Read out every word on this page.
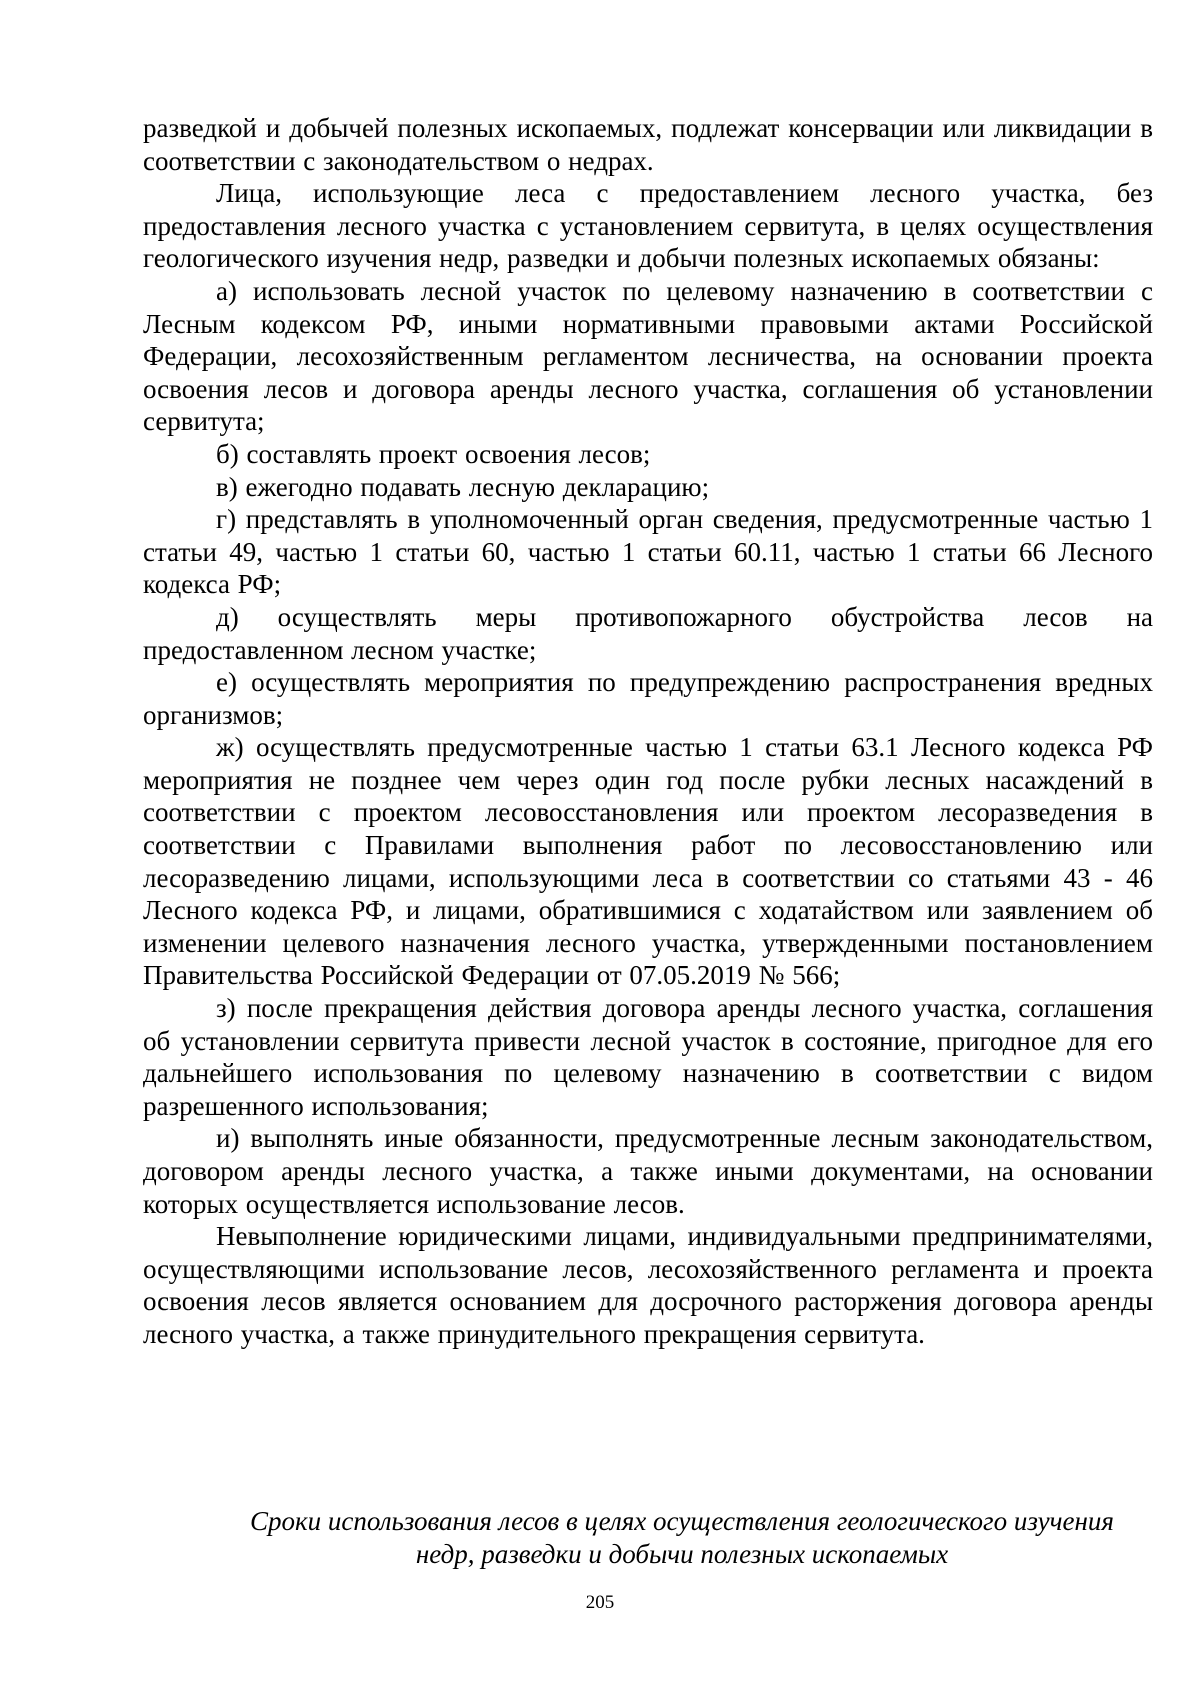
разведкой и добычей полезных ископаемых, подлежат консервации или ликвидации в соответствии с законодательством о недрах.

Лица, использующие леса с предоставлением лесного участка, без предоставления лесного участка с установлением сервитута, в целях осуществления геологического изучения недр, разведки и добычи полезных ископаемых обязаны:

а) использовать лесной участок по целевому назначению в соответствии с Лесным кодексом РФ, иными нормативными правовыми актами Российской Федерации, лесохозяйственным регламентом лесничества, на основании проекта освоения лесов и договора аренды лесного участка, соглашения об установлении сервитута;

б) составлять проект освоения лесов;

в) ежегодно подавать лесную декларацию;

г) представлять в уполномоченный орган сведения, предусмотренные частью 1 статьи 49, частью 1 статьи 60, частью 1 статьи 60.11, частью 1 статьи 66 Лесного кодекса РФ;

д) осуществлять меры противопожарного обустройства лесов на предоставленном лесном участке;

е) осуществлять мероприятия по предупреждению распространения вредных организмов;

ж) осуществлять предусмотренные частью 1 статьи 63.1 Лесного кодекса РФ мероприятия не позднее чем через один год после рубки лесных насаждений в соответствии с проектом лесовосстановления или проектом лесоразведения в соответствии с Правилами выполнения работ по лесовосстановлению или лесоразведению лицами, использующими леса в соответствии со статьями 43 - 46 Лесного кодекса РФ, и лицами, обратившимися с ходатайством или заявлением об изменении целевого назначения лесного участка, утвержденными постановлением Правительства Российской Федерации от 07.05.2019 № 566;

з) после прекращения действия договора аренды лесного участка, соглашения об установлении сервитута привести лесной участок в состояние, пригодное для его дальнейшего использования по целевому назначению в соответствии с видом разрешенного использования;

и) выполнять иные обязанности, предусмотренные лесным законодательством, договором аренды лесного участка, а также иными документами, на основании которых осуществляется использование лесов.

Невыполнение юридическими лицами, индивидуальными предпринимателями, осуществляющими использование лесов, лесохозяйственного регламента и проекта освоения лесов является основанием для досрочного расторжения договора аренды лесного участка, а также принудительного прекращения сервитута.

Сроки использования лесов в целях осуществления геологического изучения
недр, разведки и добычи полезных ископаемых
205
